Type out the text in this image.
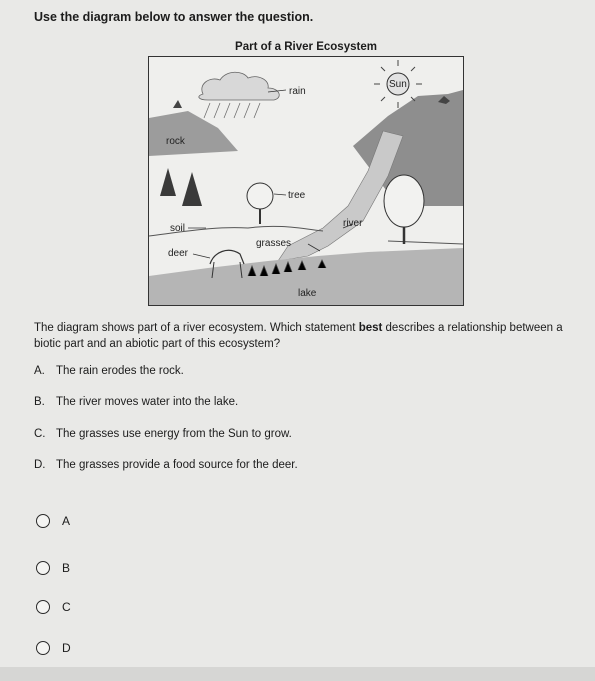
Use the diagram below to answer the question.
Part of a River Ecosystem
rain
Sun
rock
tree
soil	river
grasses
deer
lake
The diagram shows part of a river ecosystem. Which statement best describes a relationship between a biotic part and an abiotic part of this ecosystem?
A. The rain erodes the rock.
B. The river moves water into the lake.
C. The grasses use energy from the Sun to grow.
D. The grasses provide a food source for the deer.
A
B
C
D
